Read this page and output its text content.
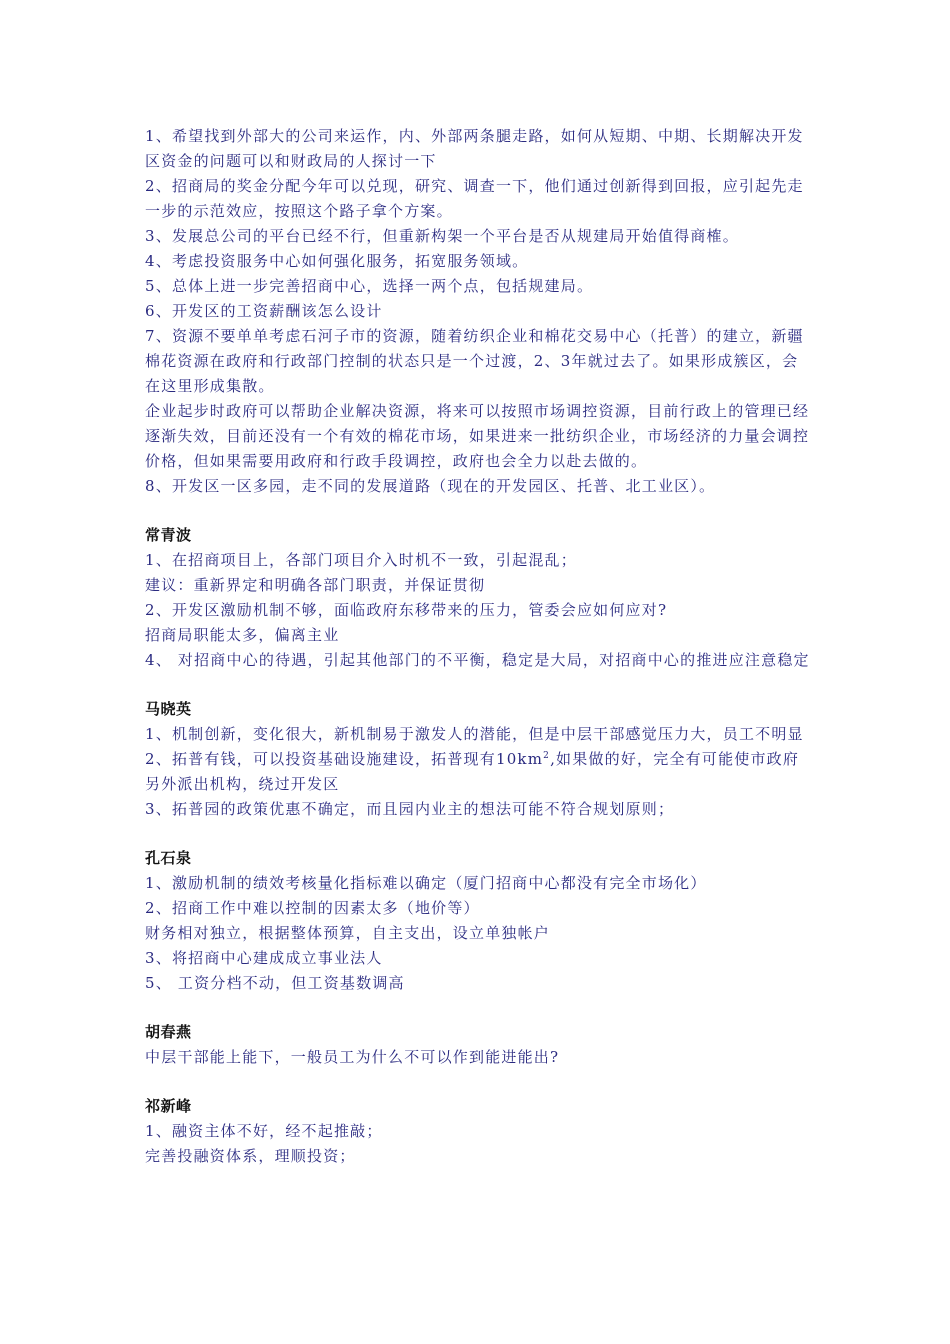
1、希望找到外部大的公司来运作，内、外部两条腿走路，如何从短期、中期、长期解决开发区资金的问题可以和财政局的人探讨一下

2、招商局的奖金分配今年可以兑现，研究、调查一下，他们通过创新得到回报，应引起先走一步的示范效应，按照这个路子拿个方案。

3、发展总公司的平台已经不行，但重新构架一个平台是否从规建局开始值得商榷。

4、考虑投资服务中心如何强化服务，拓宽服务领域。

5、总体上进一步完善招商中心，选择一两个点，包括规建局。

6、开发区的工资薪酬该怎么设计

7、资源不要单单考虑石河子市的资源，随着纺织企业和棉花交易中心（托普）的建立，新疆棉花资源在政府和行政部门控制的状态只是一个过渡，2、3年就过去了。如果形成簇区，会在这里形成集散。

企业起步时政府可以帮助企业解决资源，将来可以按照市场调控资源，目前行政上的管理已经逐渐失效，目前还没有一个有效的棉花市场，如果进来一批纺织企业，市场经济的力量会调控价格，但如果需要用政府和行政手段调控，政府也会全力以赴去做的。

8、开发区一区多园，走不同的发展道路（现在的开发园区、托普、北工业区）。

常青波

1、在招商项目上，各部门项目介入时机不一致，引起混乱；

建议：重新界定和明确各部门职责，并保证贯彻

2、开发区激励机制不够，面临政府东移带来的压力，管委会应如何应对?

招商局职能太多，偏离主业

4、 对招商中心的待遇，引起其他部门的不平衡，稳定是大局，对招商中心的推进应注意稳定

马晓英

1、机制创新，变化很大，新机制易于激发人的潜能，但是中层干部感觉压力大，员工不明显

2、拓普有钱，可以投资基础设施建设，拓普现有$10km^2$,如果做的好，完全有可能使市政府另外派出机构，绕过开发区

3、拓普园的政策优惠不确定，而且园内业主的想法可能不符合规划原则；

孔石泉

1、激励机制的绩效考核量化指标难以确定（厦门招商中心都没有完全市场化）

2、招商工作中难以控制的因素太多（地价等）

财务相对独立，根据整体预算，自主支出，设立单独帐户

3、将招商中心建成成立事业法人

5、 工资分档不动，但工资基数调高

胡春燕

中层干部能上能下，一般员工为什么不可以作到能进能出?

祁新峰

1、融资主体不好，经不起推敲；

完善投融资体系，理顺投资；
